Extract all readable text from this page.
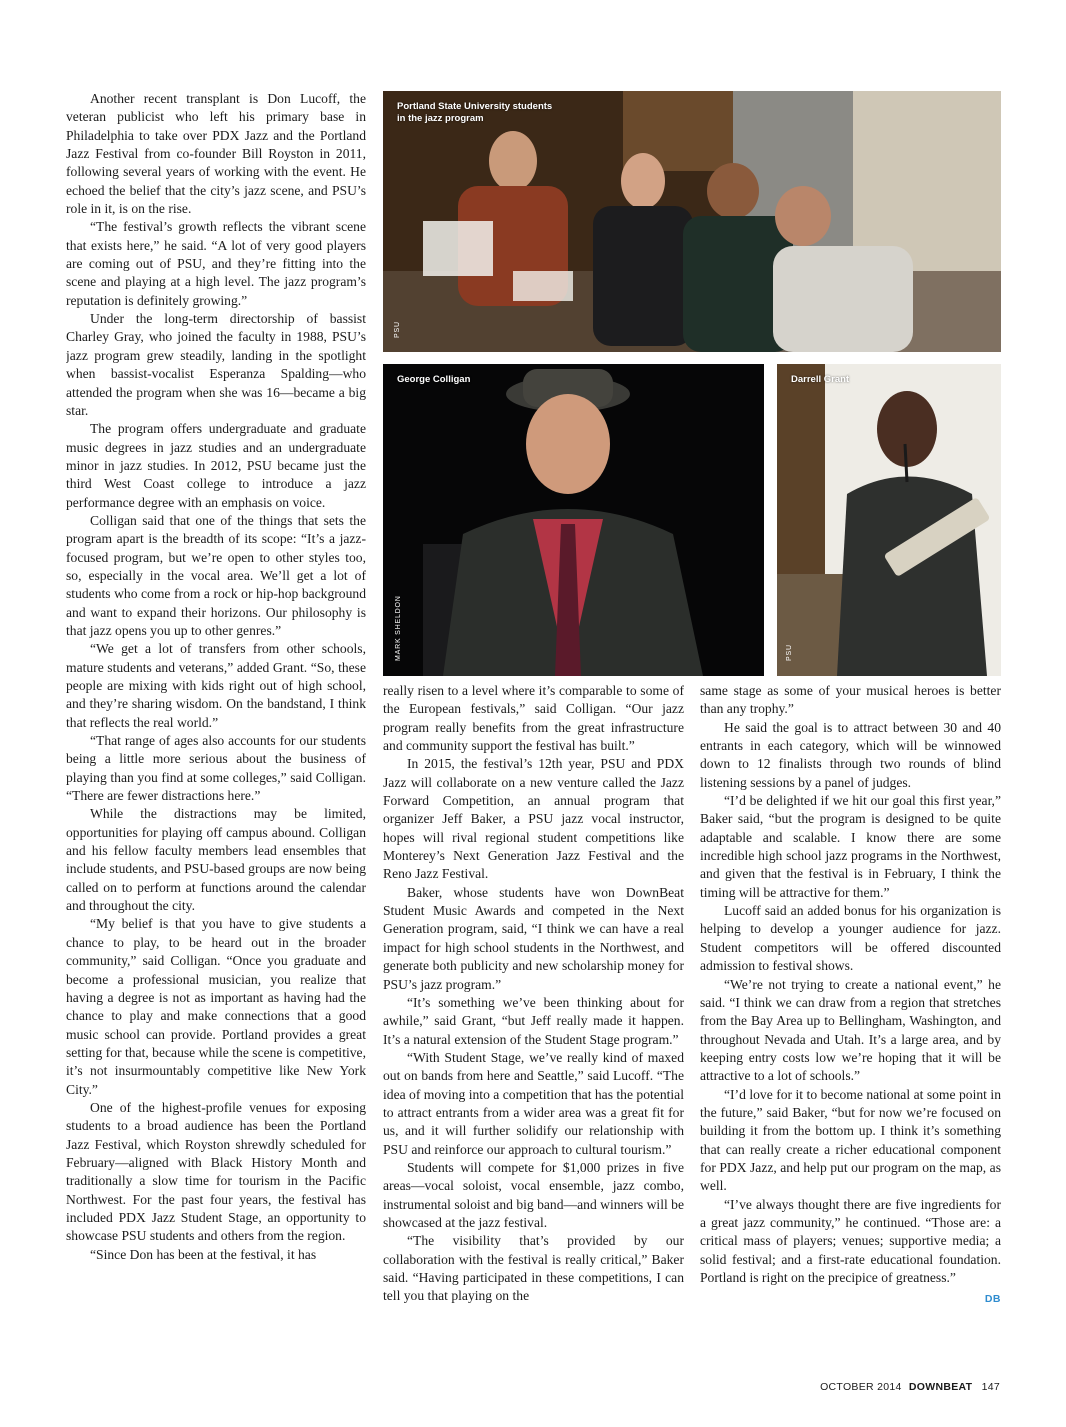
Portland State University students
in the jazz program
PSU
George Colligan
MARK SHELDON
Darrell Grant
PSU

Another recent transplant is Don Lucoff, the veteran publicist who left his primary base in Philadelphia to take over PDX Jazz and the Portland Jazz Festival from co-founder Bill Royston in 2011, following several years of working with the event. He echoed the belief that the city’s jazz scene, and PSU’s role in it, is on the rise.

“The festival’s growth reflects the vibrant scene that exists here,” he said. “A lot of very good players are coming out of PSU, and they’re fitting into the scene and playing at a high level. The jazz program’s reputation is definitely growing.”

Under the long-term directorship of bassist Charley Gray, who joined the faculty in 1988, PSU’s jazz program grew steadily, landing in the spotlight when bassist-vocalist Esperanza Spalding—who attended the program when she was 16—became a big star.

The program offers undergraduate and graduate music degrees in jazz studies and an undergraduate minor in jazz studies. In 2012, PSU became just the third West Coast college to introduce a jazz performance degree with an emphasis on voice.

Colligan said that one of the things that sets the program apart is the breadth of its scope: “It’s a jazz-focused program, but we’re open to other styles too, so, especially in the vocal area. We’ll get a lot of students who come from a rock or hip-hop background and want to expand their horizons. Our philosophy is that jazz opens you up to other genres.”

“We get a lot of transfers from other schools, mature students and veterans,” added Grant. “So, these people are mixing with kids right out of high school, and they’re sharing wisdom. On the bandstand, I think that reflects the real world.”

“That range of ages also accounts for our students being a little more serious about the business of playing than you find at some colleges,” said Colligan. “There are fewer distractions here.”

While the distractions may be limited, opportunities for playing off campus abound. Colligan and his fellow faculty members lead ensembles that include students, and PSU-based groups are now being called on to perform at functions around the calendar and throughout the city.

“My belief is that you have to give students a chance to play, to be heard out in the broader community,” said Colligan. “Once you graduate and become a professional musician, you realize that having a degree is not as important as having had the chance to play and make connections that a good music school can provide. Portland provides a great setting for that, because while the scene is competitive, it’s not insurmountably competitive like New York City.”

One of the highest-profile venues for exposing students to a broad audience has been the Portland Jazz Festival, which Royston shrewdly scheduled for February—aligned with Black History Month and traditionally a slow time for tourism in the Pacific Northwest. For the past four years, the festival has included PDX Jazz Student Stage, an opportunity to showcase PSU students and others from the region.

“Since Don has been at the festival, it has

really risen to a level where it’s comparable to some of the European festivals,” said Colligan. “Our jazz program really benefits from the great infrastructure and community support the festival has built.”

In 2015, the festival’s 12th year, PSU and PDX Jazz will collaborate on a new venture called the Jazz Forward Competition, an annual program that organizer Jeff Baker, a PSU jazz vocal instructor, hopes will rival regional student competitions like Monterey’s Next Generation Jazz Festival and the Reno Jazz Festival.

Baker, whose students have won DownBeat Student Music Awards and competed in the Next Generation program, said, “I think we can have a real impact for high school students in the Northwest, and generate both publicity and new scholarship money for PSU’s jazz program.”

“It’s something we’ve been thinking about for awhile,” said Grant, “but Jeff really made it happen. It’s a natural extension of the Student Stage program.”

“With Student Stage, we’ve really kind of maxed out on bands from here and Seattle,” said Lucoff. “The idea of moving into a competition that has the potential to attract entrants from a wider area was a great fit for us, and it will further solidify our relationship with PSU and reinforce our approach to cultural tourism.”

Students will compete for $1,000 prizes in five areas—vocal soloist, vocal ensemble, jazz combo, instrumental soloist and big band—and winners will be showcased at the jazz festival.

“The visibility that’s provided by our collaboration with the festival is really critical,” Baker said. “Having participated in these competitions, I can tell you that playing on the

same stage as some of your musical heroes is better than any trophy.”

He said the goal is to attract between 30 and 40 entrants in each category, which will be winnowed down to 12 finalists through two rounds of blind listening sessions by a panel of judges.

“I’d be delighted if we hit our goal this first year,” Baker said, “but the program is designed to be quite adaptable and scalable. I know there are some incredible high school jazz programs in the Northwest, and given that the festival is in February, I think the timing will be attractive for them.”

Lucoff said an added bonus for his organization is helping to develop a younger audience for jazz. Student competitors will be offered discounted admission to festival shows.

“We’re not trying to create a national event,” he said. “I think we can draw from a region that stretches from the Bay Area up to Bellingham, Washington, and throughout Nevada and Utah. It’s a large area, and by keeping entry costs low we’re hoping that it will be attractive to a lot of schools.”

“I’d love for it to become national at some point in the future,” said Baker, “but for now we’re focused on building it from the bottom up. I think it’s something that can really create a richer educational component for PDX Jazz, and help put our program on the map, as well.

“I’ve always thought there are five ingredients for a great jazz community,” he continued. “Those are: a critical mass of players; venues; supportive media; a solid festival; and a first-rate educational foundation. Portland is right on the precipice of greatness.”

DB
OCTOBER 2014 DOWNBEAT 147
